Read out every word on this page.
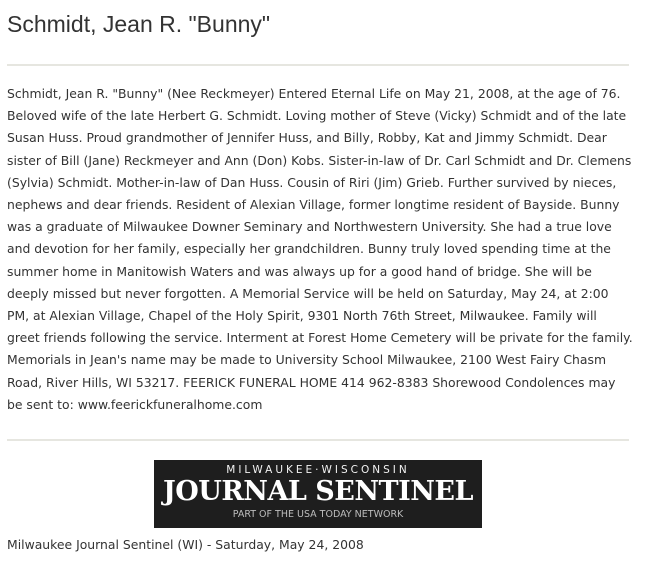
Schmidt, Jean R. "Bunny"

Schmidt, Jean R. "Bunny" (Nee Reckmeyer) Entered Eternal Life on May 21, 2008, at the age of 76. Beloved wife of the late Herbert G. Schmidt. Loving mother of Steve (Vicky) Schmidt and of the late Susan Huss. Proud grandmother of Jennifer Huss, and Billy, Robby, Kat and Jimmy Schmidt. Dear sister of Bill (Jane) Reckmeyer and Ann (Don) Kobs. Sister-in-law of Dr. Carl Schmidt and Dr. Clemens (Sylvia) Schmidt. Mother-in-law of Dan Huss. Cousin of Riri (Jim) Grieb. Further survived by nieces, nephews and dear friends. Resident of Alexian Village, former longtime resident of Bayside. Bunny was a graduate of Milwaukee Downer Seminary and Northwestern University. She had a true love and devotion for her family, especially her grandchildren. Bunny truly loved spending time at the summer home in Manitowish Waters and was always up for a good hand of bridge. She will be deeply missed but never forgotten. A Memorial Service will be held on Saturday, May 24, at 2:00 PM, at Alexian Village, Chapel of the Holy Spirit, 9301 North 76th Street, Milwaukee. Family will greet friends following the service. Interment at Forest Home Cemetery will be private for the family. Memorials in Jean's name may be made to University School Milwaukee, 2100 West Fairy Chasm Road, River Hills, WI 53217. FEERICK FUNERAL HOME 414 962-8383 Shorewood Condolences may be sent to: www.feerickfuneralhome.com

MILWAUKEE·WISCONSIN
JOURNAL SENTINEL
PART OF THE USA TODAY NETWORK

Milwaukee Journal Sentinel (WI) - Saturday, May 24, 2008
